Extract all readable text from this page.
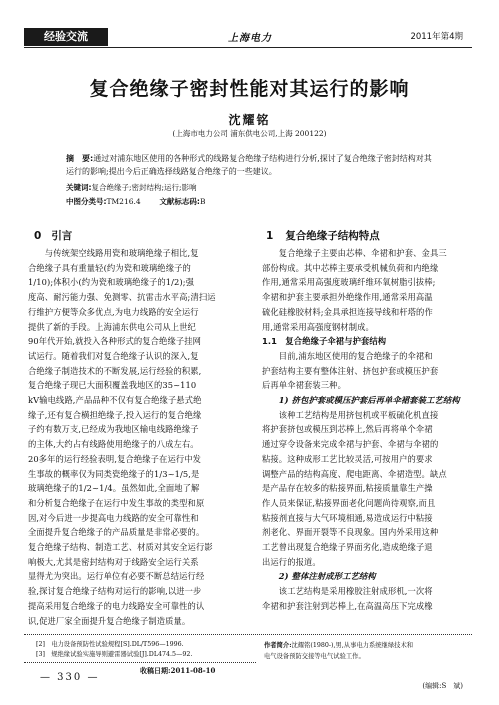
经验交流	上海电力	2011年第4期
复合绝缘子密封性能对其运行的影响
沈耀铭
(上海市电力公司 浦东供电公司,上海 200122)
摘　要:通过对浦东地区使用的各种形式的线路复合绝缘子结构进行分析,探讨了复合绝缘子密封结构对其
运行的影响;提出今后正确选择线路复合绝缘子的一些建议。
关键词:复合绝缘子;密封结构;运行;影响
中图分类号:TM216.4	文献标志码:B
0 引言
　　与传统架空线路用瓷和玻璃绝缘子相比,复
合绝缘子具有重量轻(约为瓷和玻璃绝缘子的
1/10);体积小(约为瓷和玻璃绝缘子的1/2);强
度高、耐污能力强、免测零、抗雷击水平高;清扫运
行维护方便等众多优点,为电力线路的安全运行
提供了新的手段。上海浦东供电公司从上世纪
90年代开始,就投入各种形式的复合绝缘子挂网
试运行。随着我们对复合绝缘子认识的深入,复
合绝缘子制造技术的不断发展,运行经验的积累,
复合绝缘子现已大面积覆盖我地区的35~110
kV输电线路,产品品种不仅有复合绝缘子悬式绝
缘子,还有复合横担绝缘子,投入运行的复合绝缘
子约有数万支,已经成为我地区输电线路绝缘子
的主体,大约占有线路使用绝缘子的八成左右。
20多年的运行经验表明,复合绝缘子在运行中发
生事故的概率仅为同类瓷绝缘子的1/3~1/5,是
玻璃绝缘子的1/2~1/4。虽然如此,全面地了解
和分析复合绝缘子在运行中发生事故的类型和原
因,对今后进一步提高电力线路的安全可靠性和
全面提升复合绝缘子的产品质量是非常必要的。
复合绝缘子结构、制造工艺、材质对其安全运行影
响极大,尤其是密封结构对于线路安全运行关系
显得尤为突出。运行单位有必要不断总结运行经
验,探讨复合绝缘子结构对运行的影响,以进一步
提高采用复合绝缘子的电力线路安全可靠性的认
识,促进厂家全面提升复合绝缘子制造质量。
1 复合绝缘子结构特点
　　复合绝缘子主要由芯棒、伞裙和护套、金具三
部份构成。其中芯棒主要承受机械负荷和内绝缘
作用,通常采用高强度玻璃纤维环氧树脂引拔棒;
伞裙和护套主要承担外绝缘作用,通常采用高温
硫化硅橡胶材料;金具承担连接导线和杆塔的作
用,通常采用高强度钢材制成。
1.1　复合绝缘子伞裙与护套结构
　　目前,浦东地区使用的复合绝缘子的伞裙和
护套结构主要有整体注射、挤包护套或模压护套
后再单伞裙套装三种。
　　1) 挤包护套或模压护套后再单伞裙套装工艺结构
　　该种工艺结构是用挤包机或平板硫化机直接
将护套挤包或模压到芯棒上,然后再将单个伞裙
通过穿令设备来完成伞裙与护套、伞裙与伞裙的
粘接。这种成形工艺比较灵活,可按用户的要求
调整产品的结构高度、爬电距离、伞裙造型。缺点
是产品存在较多的粘接界面,粘接质量靠生产操
作人员来保证,粘接界面老化问题尚待观察,而且
粘接剂直接与大气环境相通,易造成运行中粘接
剂老化、界面开裂等不良现象。国内外采用这种
工艺曾出现复合绝缘子界面劣化,造成绝缘子退
出运行的报道。
　　2) 整体注射成形工艺结构
　　该工艺结构是采用橡胶注射成形机,一次将
伞裙和护套注射到芯棒上,在高温高压下完成橡
[2]　电力设备预防性试验规程[S].DL/T596—1996.
[3]　规绝缘试验实施导则避雷器试验[J].DL474.5—92.
收稿日期:2011-08-10
作者简介:沈耀铭(1980-),男,从事电力系统继绿技术和
电气设备预防交接等电气试验工作。
(编辑:S　斌)
— 330 —
